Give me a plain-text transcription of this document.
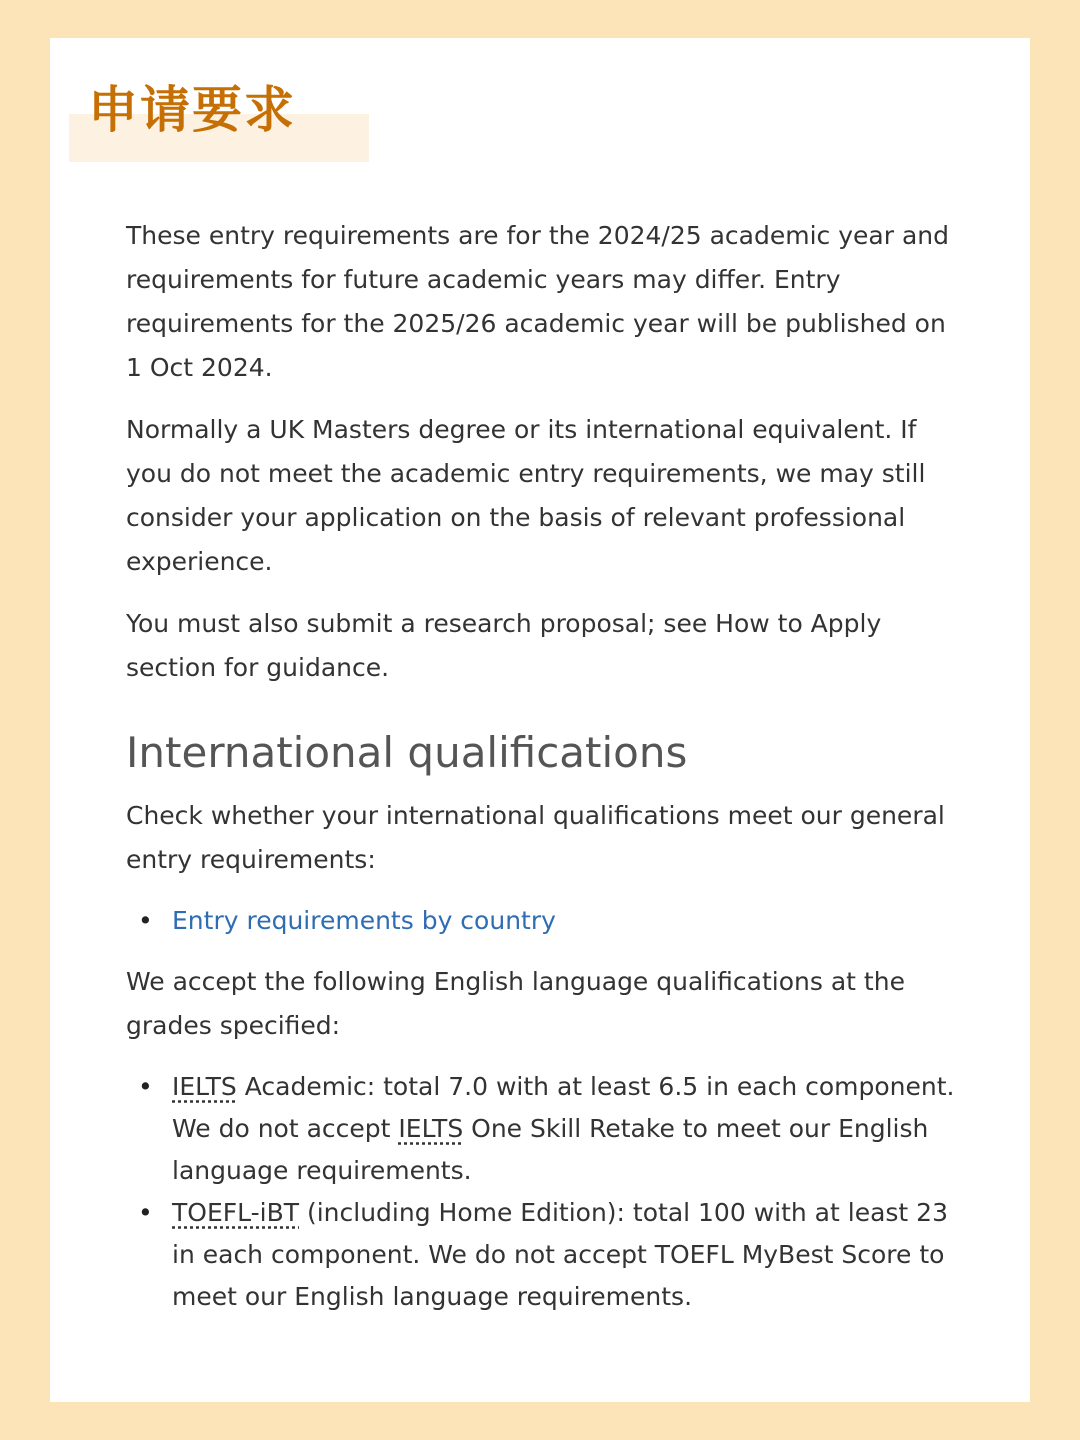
申请要求

These entry requirements are for the 2024/25 academic year and requirements for future academic years may differ. Entry requirements for the 2025/26 academic year will be published on 1 Oct 2024.

Normally a UK Masters degree or its international equivalent. If you do not meet the academic entry requirements, we may still consider your application on the basis of relevant professional experience.

You must also submit a research proposal; see How to Apply section for guidance.

International qualifications

Check whether your international qualifications meet our general entry requirements:

• Entry requirements by country

We accept the following English language qualifications at the grades specified:

• IELTS Academic: total 7.0 with at least 6.5 in each component. We do not accept IELTS One Skill Retake to meet our English language requirements.
• TOEFL-iBT (including Home Edition): total 100 with at least 23 in each component. We do not accept TOEFL MyBest Score to meet our English language requirements.
